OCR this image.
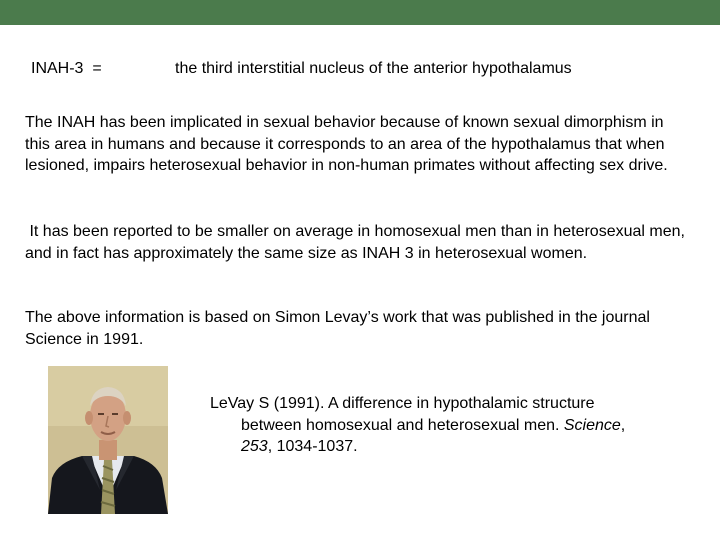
INAH-3  =	the third interstitial nucleus of the anterior hypothalamus

The INAH has been implicated in sexual behavior because of known sexual dimorphism in this area in humans and because it corresponds to an area of the hypothalamus that when lesioned, impairs heterosexual behavior in non-human primates without affecting sex drive.

It has been reported to be smaller on average in homosexual men than in heterosexual men, and in fact has approximately the same size as INAH 3 in heterosexual women.

The above information is based on Simon Levay’s work that was published in the journal Science in 1991.

LeVay S (1991). A difference in hypothalamic structure
between homosexual and heterosexual men. Science,
253, 1034-1037.
